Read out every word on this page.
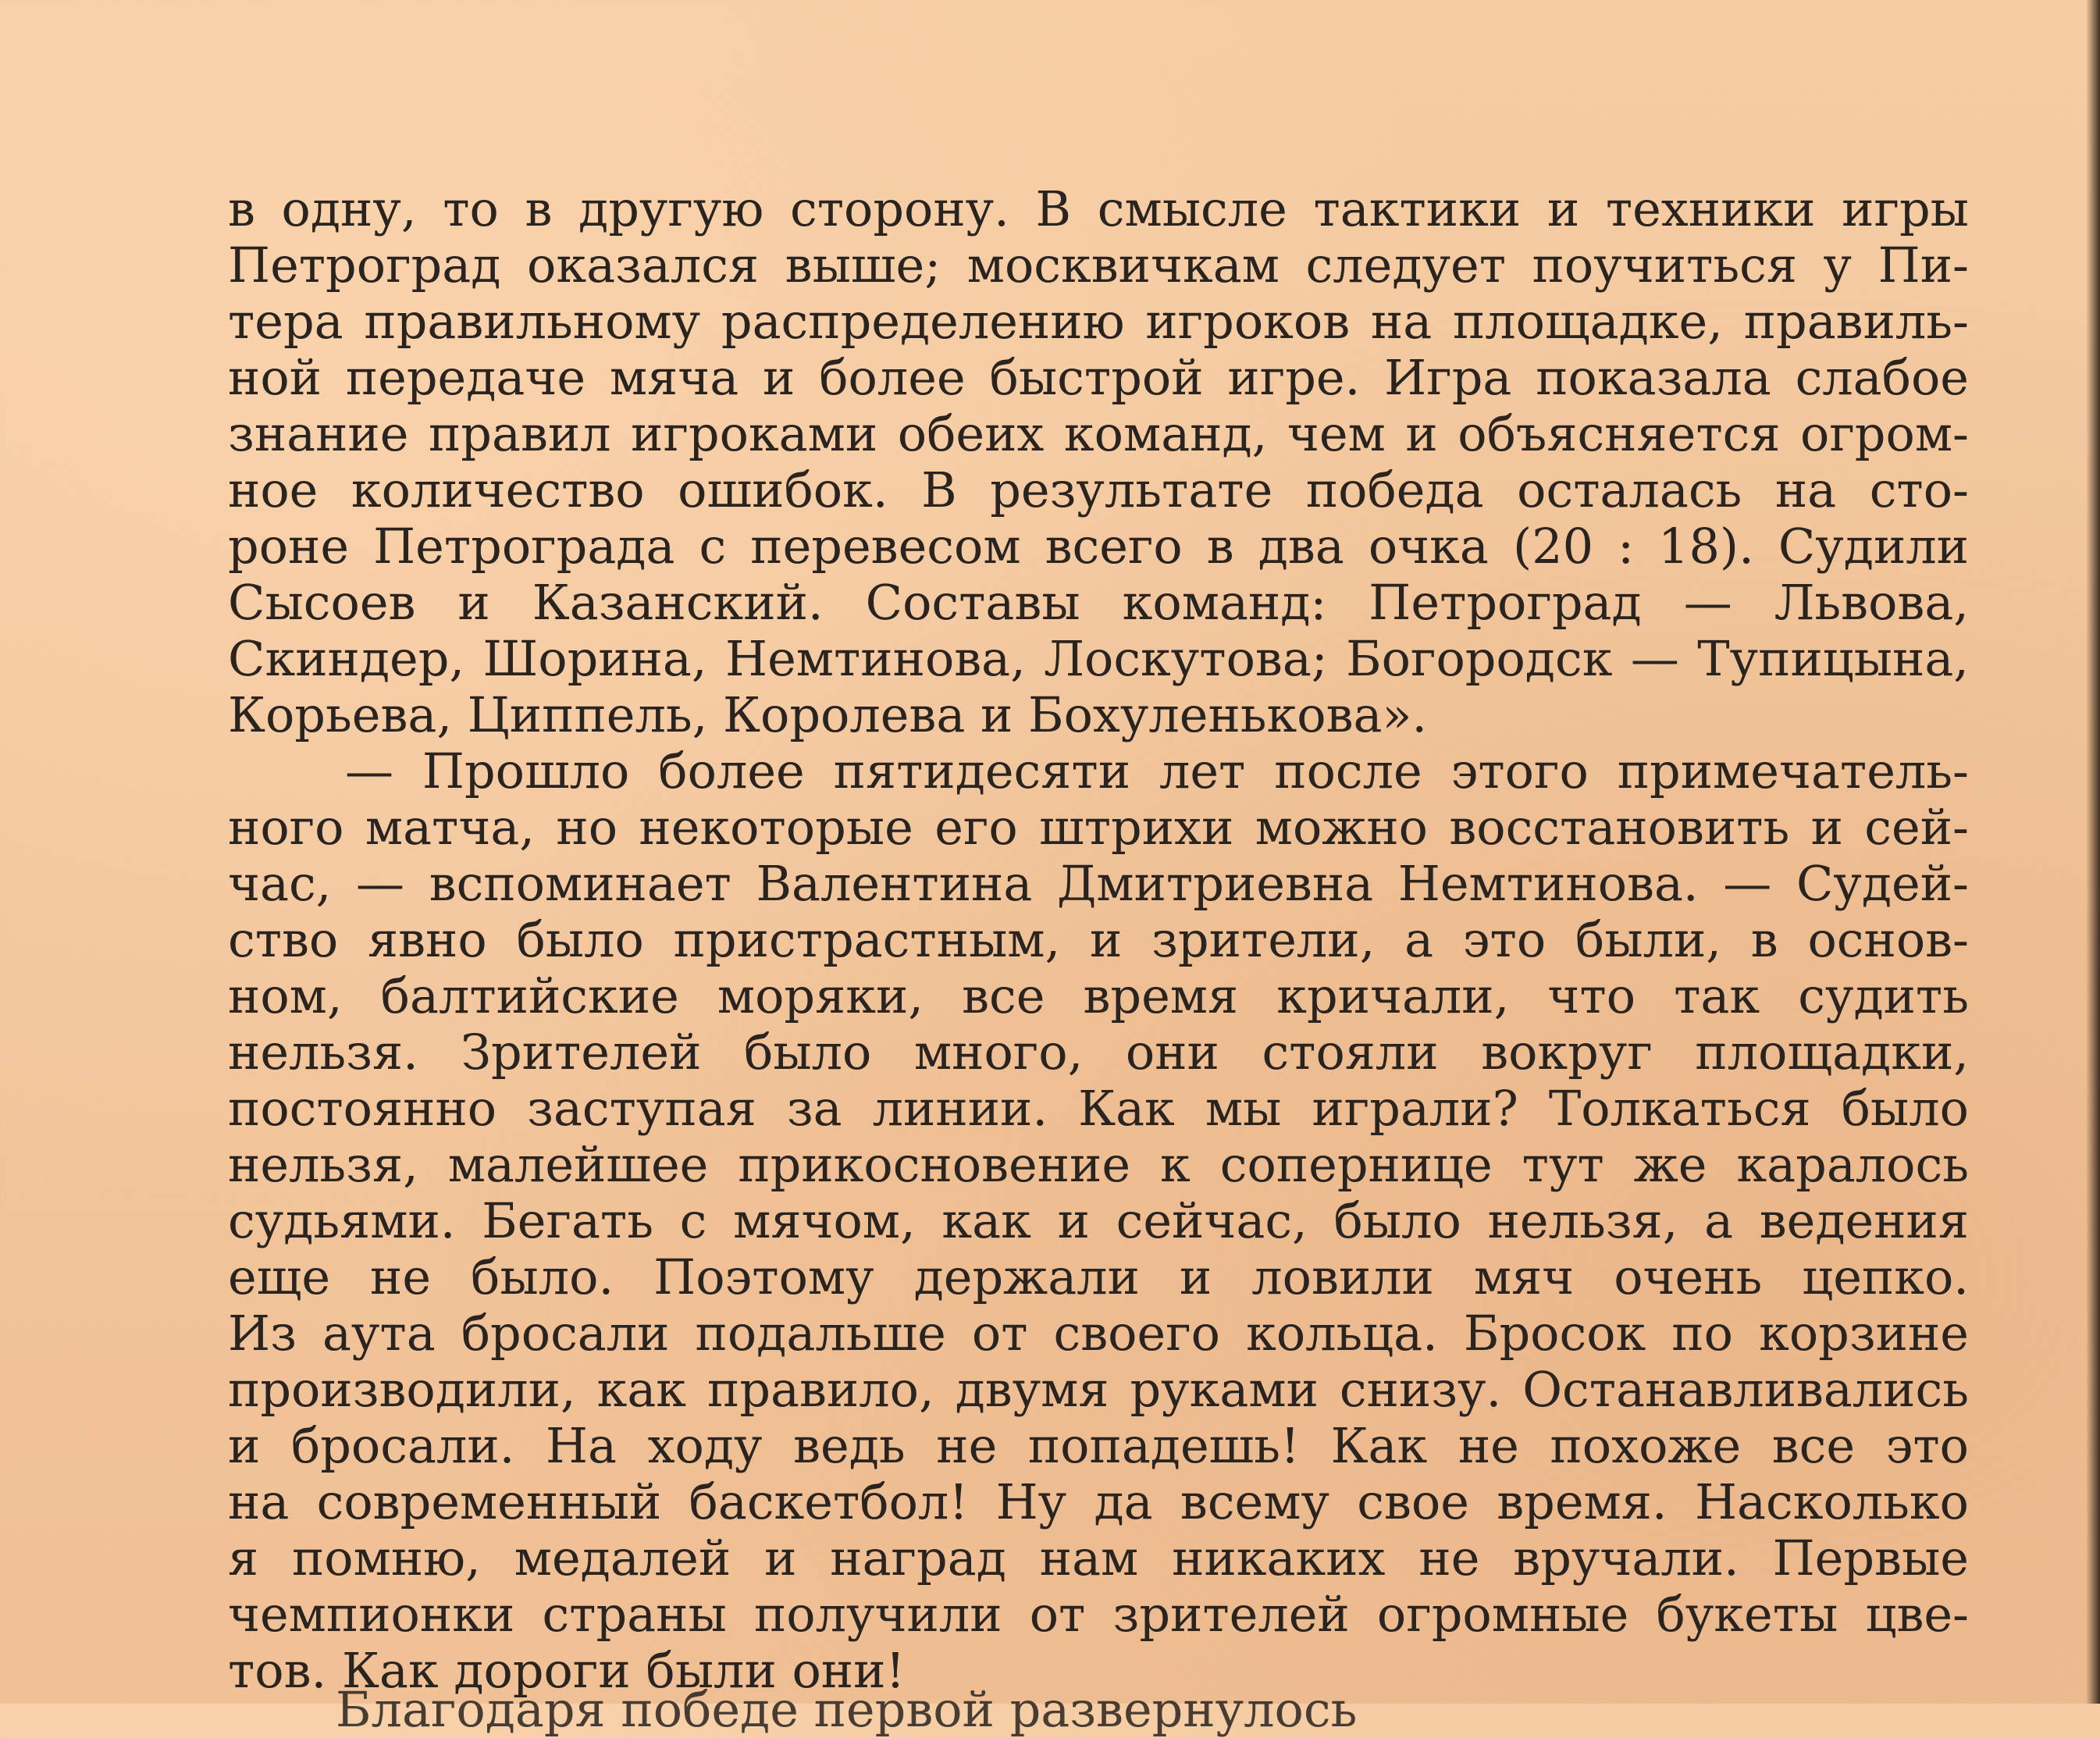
в одну, то в другую сторону. В смысле тактики и техники игры
Петроград оказался выше; москвичкам следует поучиться у Пи-
тера правильному распределению игроков на площадке, правиль-
ной передаче мяча и более быстрой игре. Игра показала слабое
знание правил игроками обеих команд, чем и объясняется огром-
ное количество ошибок. В результате победа осталась на сто-
роне Петрограда с перевесом всего в два очка (20 : 18). Судили
Сысоев и Казанский. Составы команд: Петроград — Львова,
Скиндер, Шорина, Немтинова, Лоскутова; Богородск — Тупицына,
Корьева, Циппель, Королева и Бохуленькова».
— Прошло более пятидесяти лет после этого примечатель-
ного матча, но некоторые его штрихи можно восстановить и сей-
час, — вспоминает Валентина Дмитриевна Немтинова. — Судей-
ство явно было пристрастным, и зрители, а это были, в основ-
ном, балтийские моряки, все время кричали, что так судить
нельзя. Зрителей было много, они стояли вокруг площадки,
постоянно заступая за линии. Как мы играли? Толкаться было
нельзя, малейшее прикосновение к сопернице тут же каралось
судьями. Бегать с мячом, как и сейчас, было нельзя, а ведения
еще не было. Поэтому держали и ловили мяч очень цепко.
Из аута бросали подальше от своего кольца. Бросок по корзине
производили, как правило, двумя руками снизу. Останавливались
и бросали. На ходу ведь не попадешь! Как не похоже все это
на современный баскетбол! Ну да всему свое время. Насколько
я помню, медалей и наград нам никаких не вручали. Первые
чемпионки страны получили от зрителей огромные букеты цве-
тов. Как дороги были они!
Благодаря победе первой развернулось
